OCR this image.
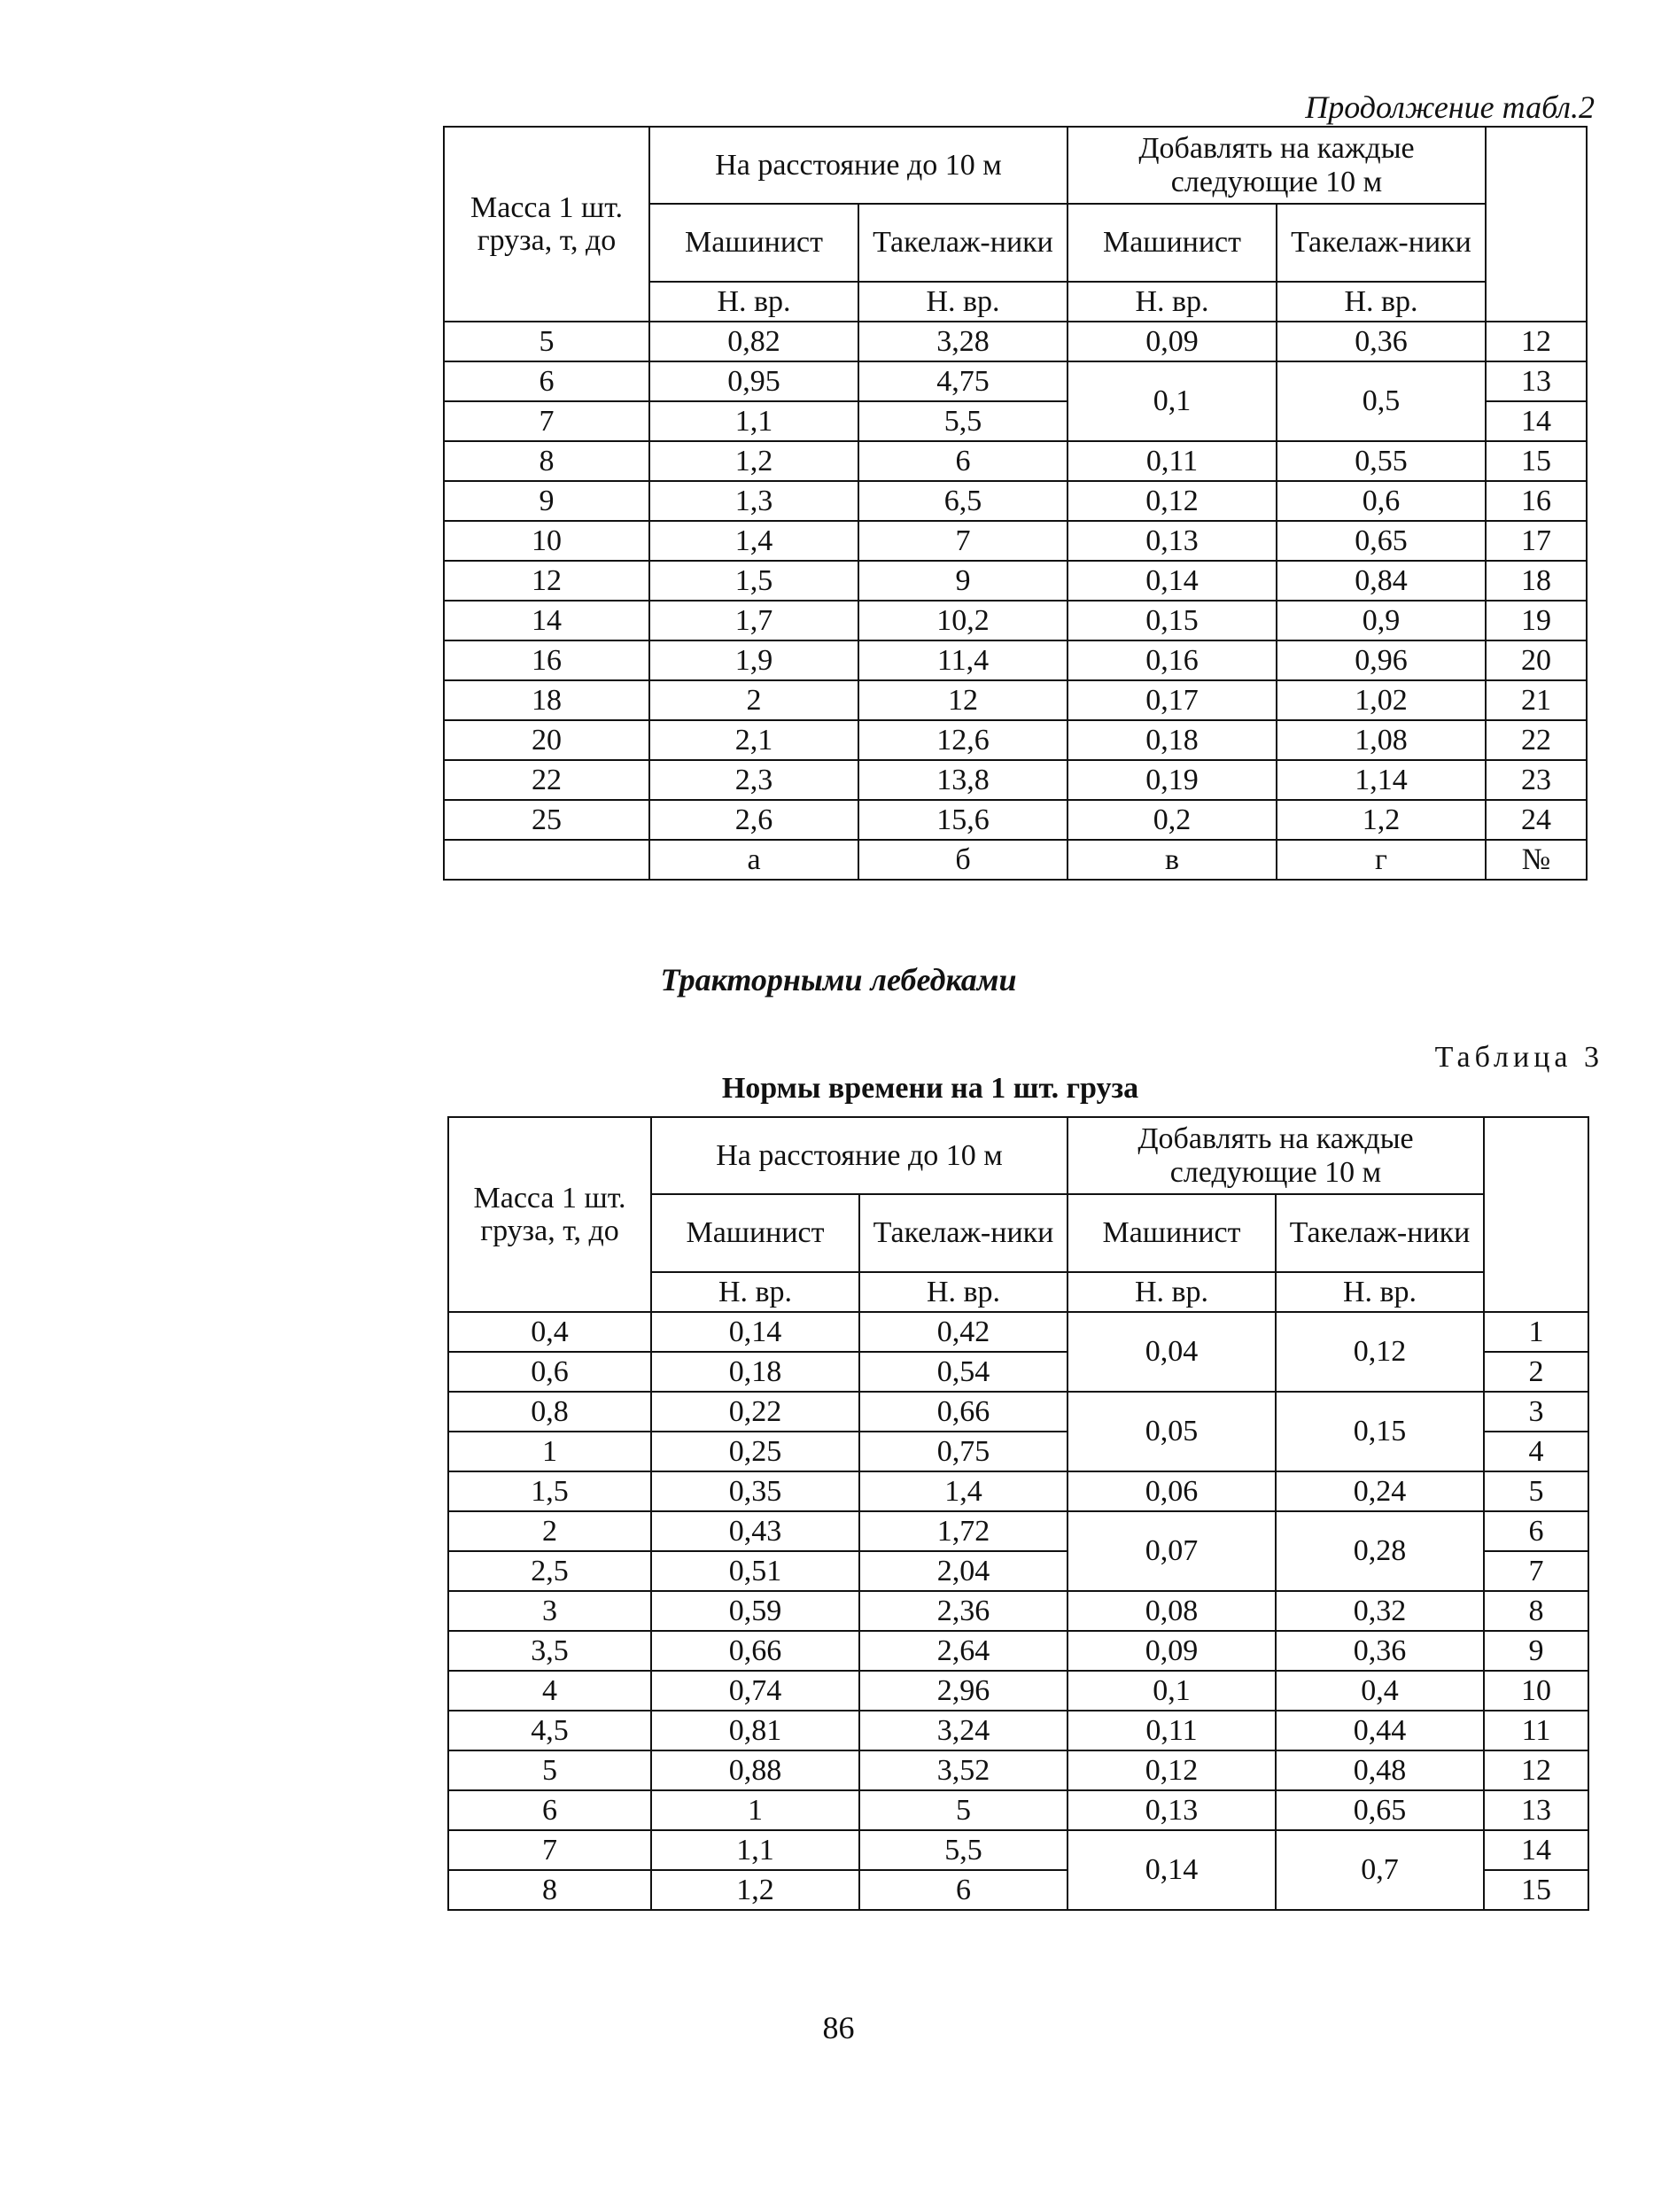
Продолжение табл.2
Масса 1 шт. груза, т, до	На расстояние до 10 м		Добавлять на каждые следующие 10 м		
	Машинист	Такелаж-ники	Машинист	Такелаж-ники	
	Н. вр.	Н. вр.	Н. вр.	Н. вр.	
5	0,82	3,28	0,09	0,36	12
6	0,95	4,75	0,1	0,5	13
7	1,1	5,5			14
8	1,2	6	0,11	0,55	15
9	1,3	6,5	0,12	0,6	16
10	1,4	7	0,13	0,65	17
12	1,5	9	0,14	0,84	18
14	1,7	10,2	0,15	0,9	19
16	1,9	11,4	0,16	0,96	20
18	2	12	0,17	1,02	21
20	2,1	12,6	0,18	1,08	22
22	2,3	13,8	0,19	1,14	23
25	2,6	15,6	0,2	1,2	24
	а	б	в	г	№
Тракторными лебедками
Таблица 3
Нормы времени на 1 шт. груза
Масса 1 шт. груза, т, до	На расстояние до 10 м		Добавлять на каждые следующие 10 м		
	Машинист	Такелаж-ники	Машинист	Такелаж-ники	
	Н. вр.	Н. вр.	Н. вр.	Н. вр.	
0,4	0,14	0,42	0,04	0,12	1
0,6	0,18	0,54			2
0,8	0,22	0,66	0,05	0,15	3
1	0,25	0,75			4
1,5	0,35	1,4	0,06	0,24	5
2	0,43	1,72	0,07	0,28	6
2,5	0,51	2,04			7
3	0,59	2,36	0,08	0,32	8
3,5	0,66	2,64	0,09	0,36	9
4	0,74	2,96	0,1	0,4	10
4,5	0,81	3,24	0,11	0,44	11
5	0,88	3,52	0,12	0,48	12
6	1	5	0,13	0,65	13
7	1,1	5,5	0,14	0,7	14
8	1,2	6			15
86
